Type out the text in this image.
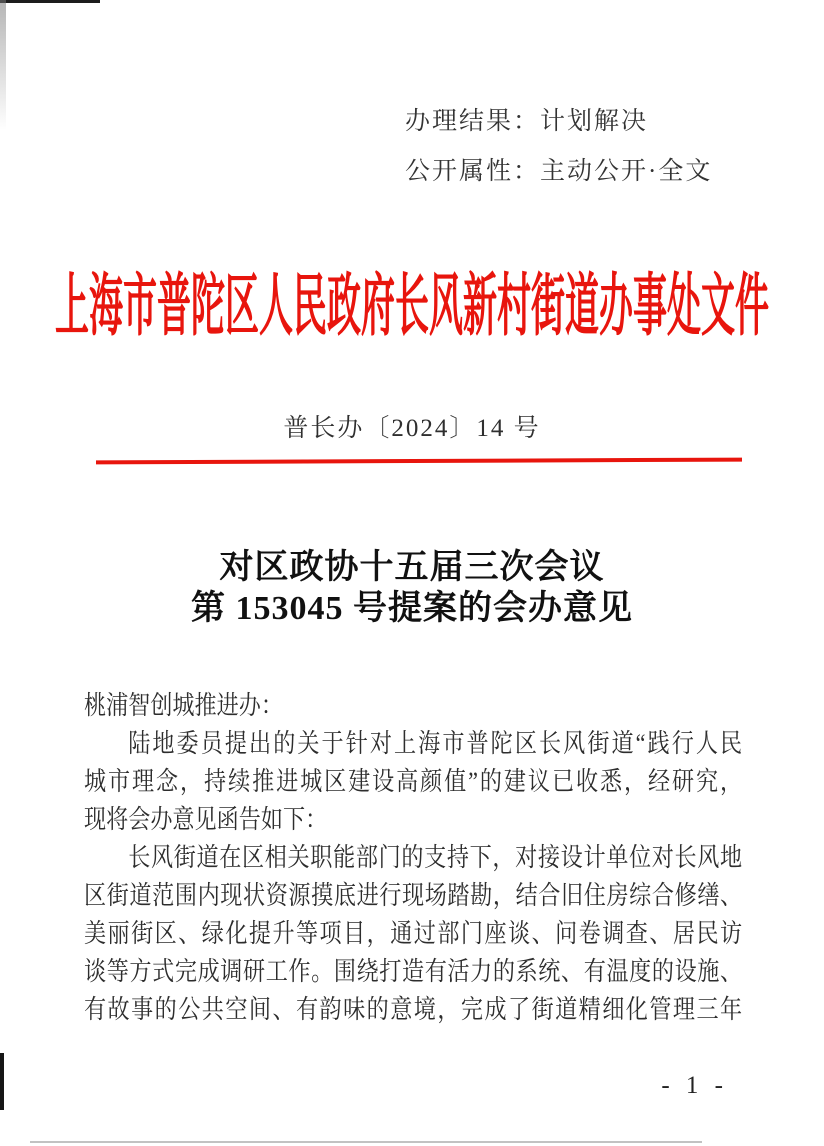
办理结果：计划解决
公开属性：主动公开·全文
上海市普陀区人民政府长风新村街道办事处文件
普长办〔2024〕14 号
对区政协十五届三次会议
第 153045 号提案的会办意见
桃浦智创城推进办：
陆地委员提出的关于针对上海市普陀区长风街道“践行人民
城市理念，持续推进城区建设高颜值”的建议已收悉，经研究，
现将会办意见函告如下：
长风街道在区相关职能部门的支持下，对接设计单位对长风地
区街道范围内现状资源摸底进行现场踏勘，结合旧住房综合修缮、
美丽街区、绿化提升等项目，通过部门座谈、问卷调查、居民访
谈等方式完成调研工作。围绕打造有活力的系统、有温度的设施、
有故事的公共空间、有韵味的意境，完成了街道精细化管理三年
- 1 -
